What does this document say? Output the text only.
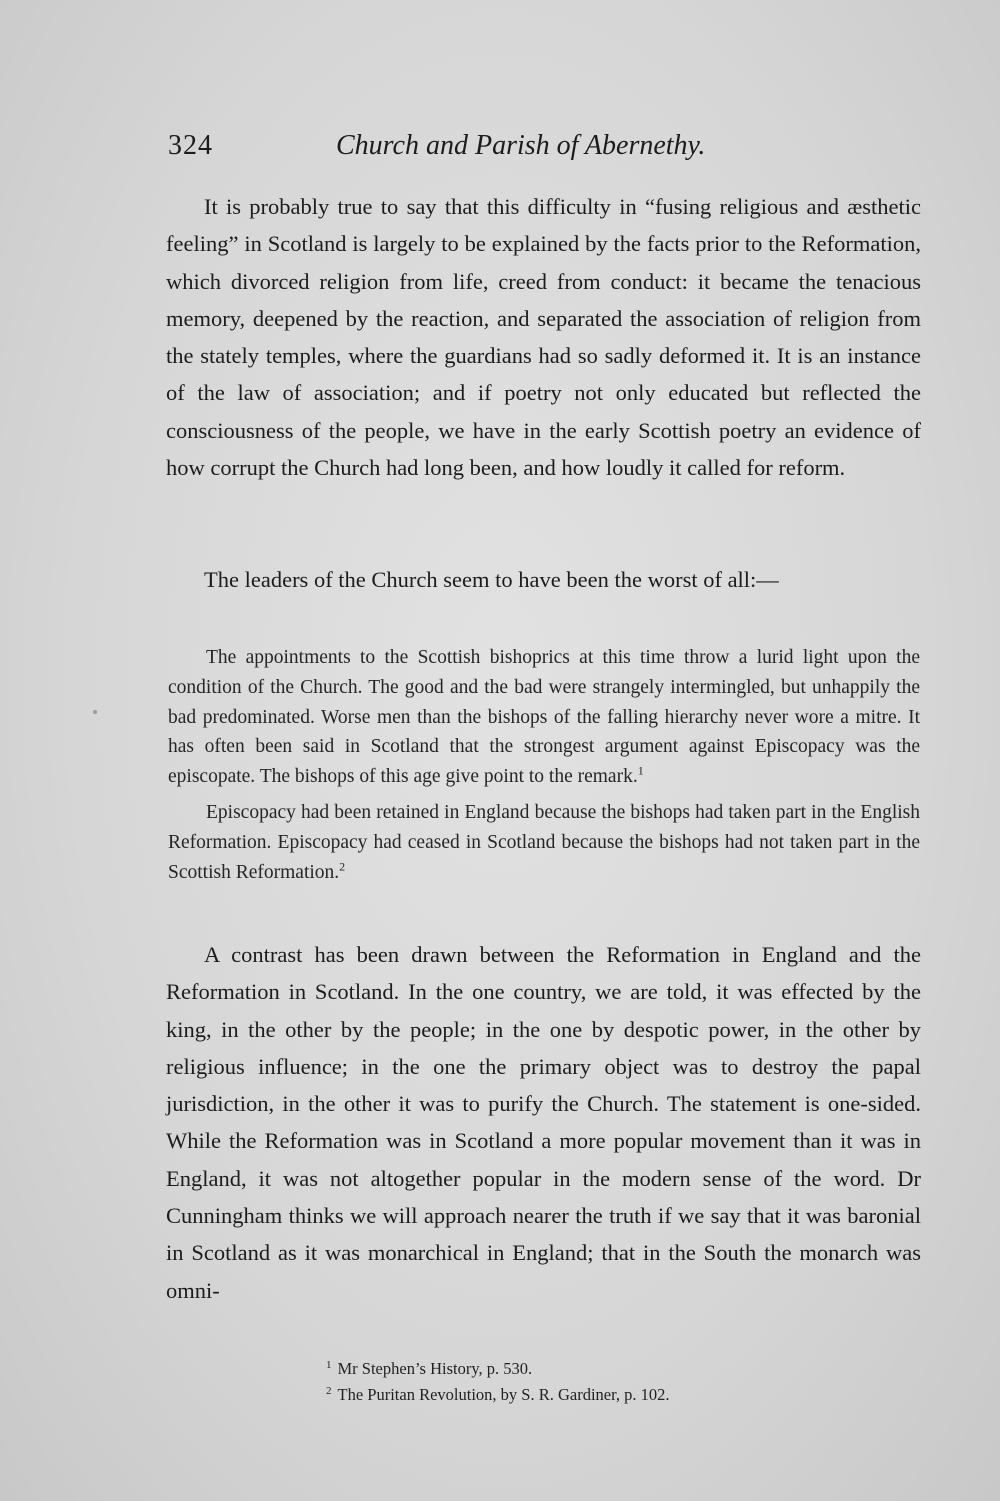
324	Church and Parish of Abernethy.

It is probably true to say that this difficulty in “fusing religious and æsthetic feeling” in Scotland is largely to be explained by the facts prior to the Reformation, which divorced religion from life, creed from conduct: it became the tenacious memory, deepened by the reaction, and separated the association of religion from the stately temples, where the guardians had so sadly deformed it. It is an instance of the law of association; and if poetry not only educated but reflected the consciousness of the people, we have in the early Scottish poetry an evidence of how corrupt the Church had long been, and how loudly it called for reform.

The leaders of the Church seem to have been the worst of all:—

The appointments to the Scottish bishoprics at this time throw a lurid light upon the condition of the Church. The good and the bad were strangely intermingled, but unhappily the bad predominated. Worse men than the bishops of the falling hierarchy never wore a mitre. It has often been said in Scotland that the strongest argument against Episcopacy was the episcopate. The bishops of this age give point to the remark.$^1$

Episcopacy had been retained in England because the bishops had taken part in the English Reformation. Episcopacy had ceased in Scotland because the bishops had not taken part in the Scottish Reformation.$^2$

A contrast has been drawn between the Reformation in England and the Reformation in Scotland. In the one country, we are told, it was effected by the king, in the other by the people; in the one by despotic power, in the other by religious influence; in the one the primary object was to destroy the papal jurisdiction, in the other it was to purify the Church. The statement is one-sided. While the Reformation was in Scotland a more popular movement than it was in England, it was not altogether popular in the modern sense of the word. Dr Cunningham thinks we will approach nearer the truth if we say that it was baronial in Scotland as it was monarchical in England; that in the South the monarch was omni-

$^1$ Mr Stephen’s History, p. 530.
$^2$ The Puritan Revolution, by S. R. Gardiner, p. 102.
